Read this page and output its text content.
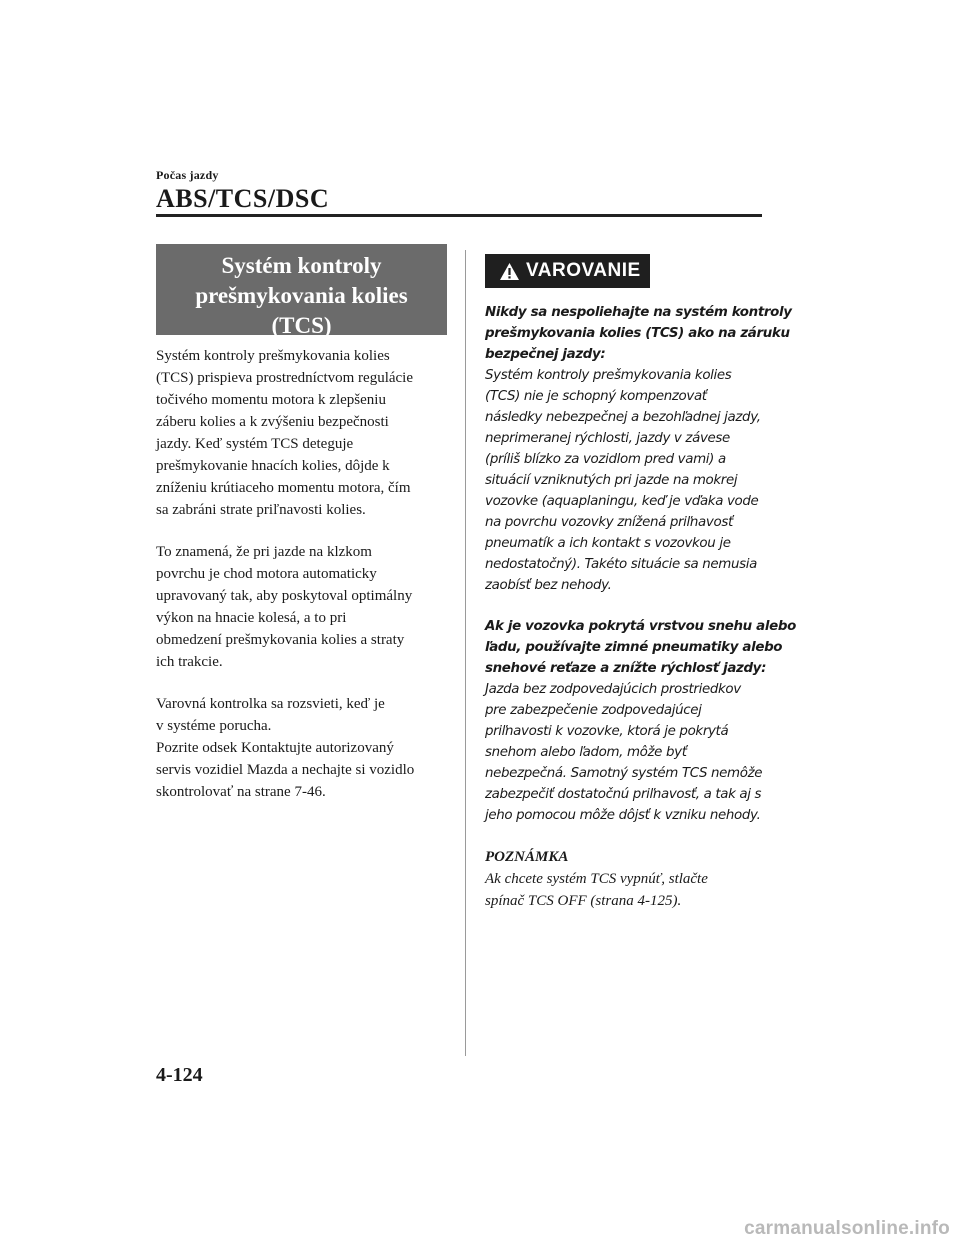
Počas jazdy
ABS/TCS/DSC
Systém kontroly
prešmykovania kolies
(TCS)

Systém kontroly prešmykovania kolies
(TCS) prispieva prostredníctvom regulácie
točivého momentu motora k zlepšeniu
záberu kolies a k zvýšeniu bezpečnosti
jazdy. Keď systém TCS deteguje
prešmykovanie hnacích kolies, dôjde k
zníženiu krútiaceho momentu motora, čím
sa zabráni strate priľnavosti kolies.

To znamená, že pri jazde na klzkom
povrchu je chod motora automaticky
upravovaný tak, aby poskytoval optimálny
výkon na hnacie kolesá, a to pri
obmedzení prešmykovania kolies a straty
ich trakcie.

Varovná kontrolka sa rozsvieti, keď je
v systéme porucha.
Pozrite odsek Kontaktujte autorizovaný
servis vozidiel Mazda a nechajte si vozidlo
skontrolovať na strane 7-46.

VAROVANIE
Nikdy sa nespoliehajte na systém kontroly
prešmykovania kolies (TCS) ako na záruku
bezpečnej jazdy:
Systém kontroly prešmykovania kolies
(TCS) nie je schopný kompenzovať
následky nebezpečnej a bezohľadnej jazdy,
neprimeranej rýchlosti, jazdy v závese
(príliš blízko za vozidlom pred vami) a
situácií vzniknutých pri jazde na mokrej
vozovke (aquaplaningu, keď je vďaka vode
na povrchu vozovky znížená priľnavosť
pneumatík a ich kontakt s vozovkou je
nedostatočný). Takéto situácie sa nemusia
zaobísť bez nehody.
Ak je vozovka pokrytá vrstvou snehu alebo
ľadu, používajte zimné pneumatiky alebo
snehové reťaze a znížte rýchlosť jazdy:
Jazda bez zodpovedajúcich prostriedkov
pre zabezpečenie zodpovedajúcej
priľnavosti k vozovke, ktorá je pokrytá
snehom alebo ľadom, môže byť
nebezpečná. Samotný systém TCS nemôže
zabezpečiť dostatočnú priľnavosť, a tak aj s
jeho pomocou môže dôjsť k vzniku nehody.
POZNÁMKA
Ak chcete systém TCS vypnúť, stlačte
spínač TCS OFF (strana 4-125).
4-124
carmanualsonline.info
